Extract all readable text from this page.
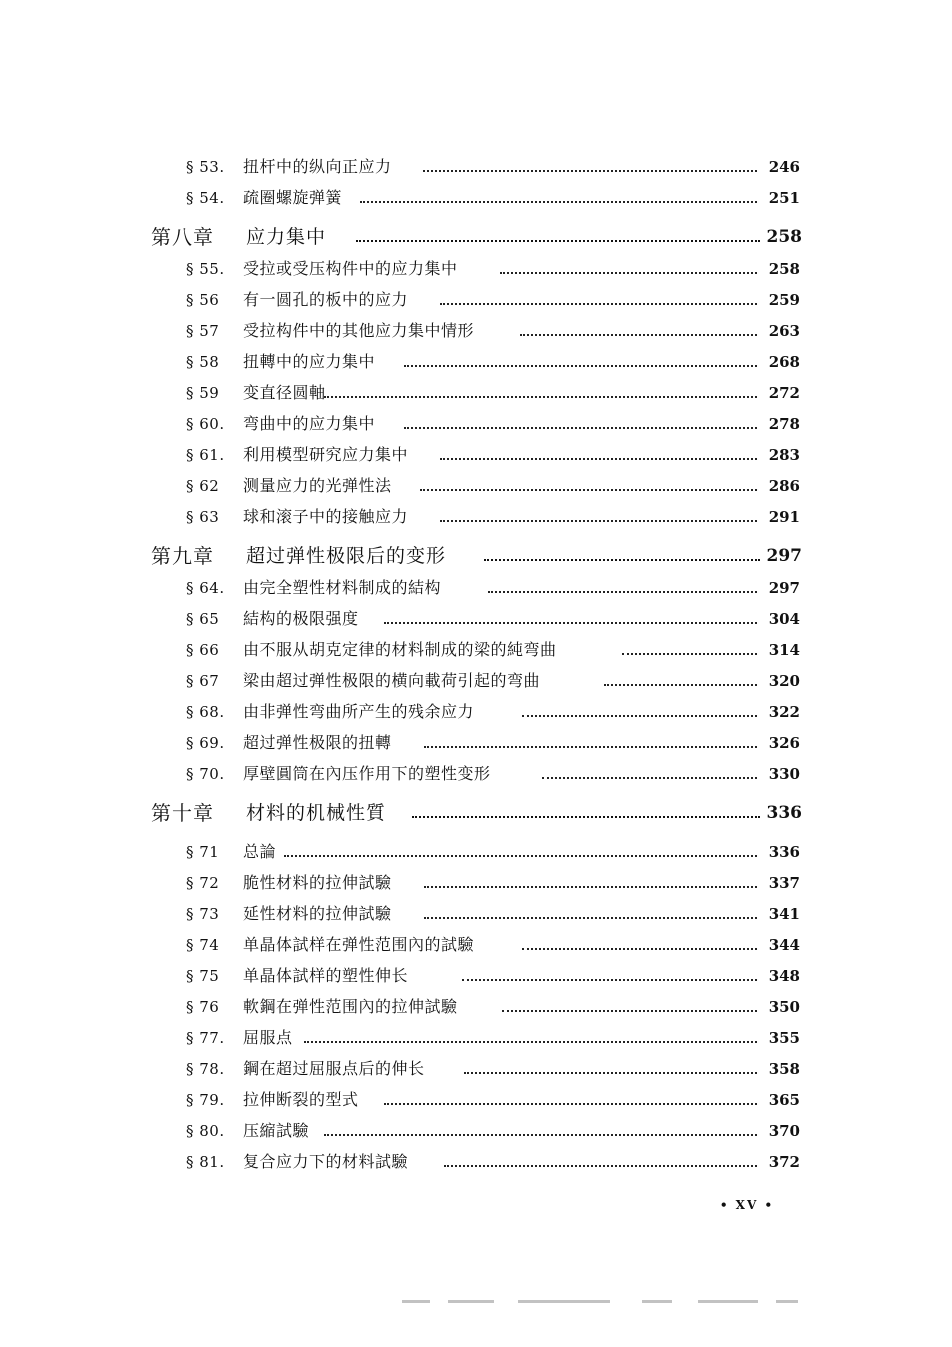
§ 53.	扭杆中的纵向正应力	246
§ 54.	疏圈螺旋弹簧	251
第八章	应力集中	258
§ 55.	受拉或受压构件中的应力集中	258
§ 56	有一圆孔的板中的应力	259
§ 57	受拉构件中的其他应力集中情形	263
§ 58	扭轉中的应力集中	268
§ 59	变直径圆軸	272
§ 60.	弯曲中的应力集中	278
§ 61.	利用模型研究应力集中	283
§ 62	测量应力的光弹性法	286
§ 63	球和滚子中的接触应力	291
第九章	超过弹性极限后的变形	297
§ 64.	由完全塑性材料制成的結构	297
§ 65	結构的极限强度	304
§ 66	由不服从胡克定律的材料制成的梁的純弯曲	314
§ 67	梁由超过弹性极限的横向載荷引起的弯曲	320
§ 68.	由非弹性弯曲所产生的残余应力	322
§ 69.	超过弹性极限的扭轉	326
§ 70.	厚壁圓筒在內压作用下的塑性变形	330
第十章	材料的机械性質	336
§ 71	总論	336
§ 72	脆性材料的拉伸試驗	337
§ 73	延性材料的拉伸試驗	341
§ 74	单晶体試样在弹性范围內的試驗	344
§ 75	单晶体試样的塑性伸长	348
§ 76	軟鋼在弹性范围內的拉伸試驗	350
§ 77.	屈服点	355
§ 78.	鋼在超过屈服点后的伸长	358
§ 79.	拉伸断裂的型式	365
§ 80.	压縮試驗	370
§ 81.	复合应力下的材料試驗	372
• XV •
